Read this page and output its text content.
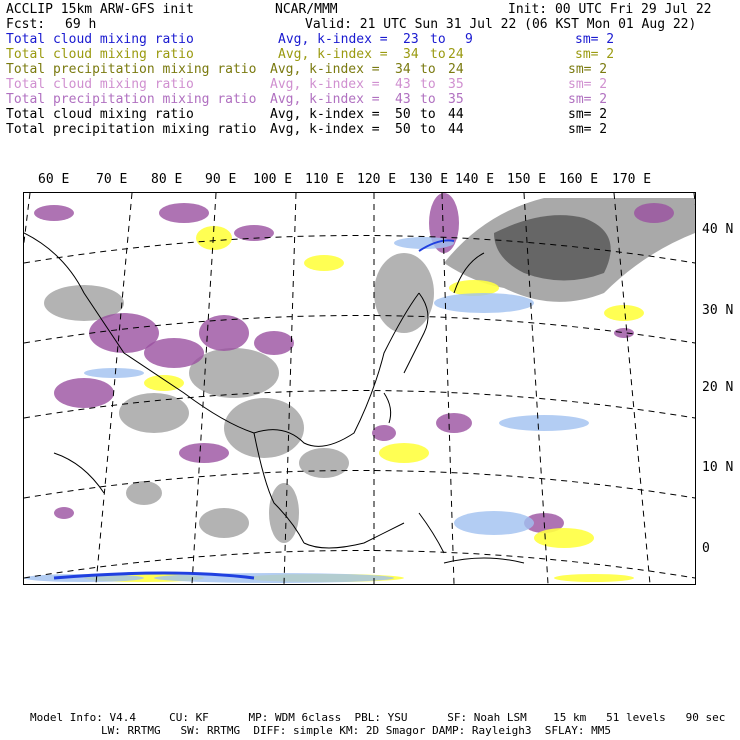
ACCLIP 15km ARW-GFS init	NCAR/MMM	Init: 00 UTC Fri 29 Jul 22
Fcst: 69 h	Valid: 21 UTC Sun 31 Jul 22 (06 KST Mon 01 Aug 22)
Total cloud mixing ratio	Avg, k-index = 23 to 9	sm= 2
Total cloud mixing ratio	Avg, k-index = 34 to 24	sm= 2
Total precipitation mixing ratio Avg, k-index = 34 to 24	sm= 2
Total cloud mixing ratio	Avg, k-index = 43 to 35	sm= 2
Total precipitation mixing ratio Avg, k-index = 43 to 35	sm= 2
Total cloud mixing ratio	Avg, k-index = 50 to 44	sm= 2
Total precipitation mixing ratio Avg, k-index = 50 to 44	sm= 2
60 E 70 E 80 E 90 E 100 E 110 E 120 E 130 E 140 E 150 E 160 E 170 E
40 N
30 N
20 N
10 N
0
Model Info: V4.4     CU: KF      MP: WDM 6class  PBL: YSU      SF: Noah LSM    15 km   51 levels   90 sec
LW: RRTMG   SW: RRTMG  DIFF: simple KM: 2D Smagor DAMP: Rayleigh3  SFLAY: MM5
